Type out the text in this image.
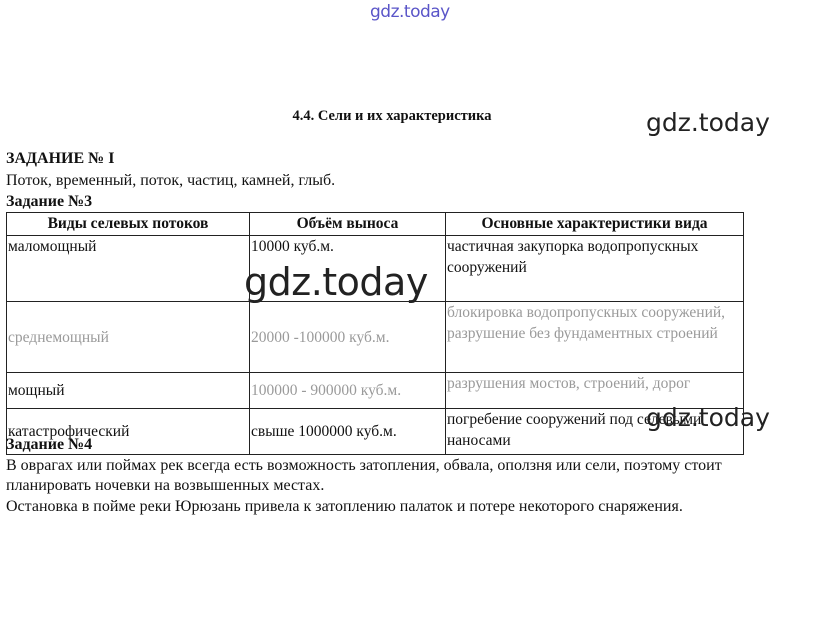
gdz.today
gdz.today
gdz.today
gdz.today
4.4. Сели и их характеристика
ЗАДАНИЕ № I
Поток, временный, поток, частиц, камней, глыб.
Задание №3
Виды селевых потоков	Объём выноса	Основные характеристики вида
маломощный	10000 куб.м.	частичная закупорка водопропускных сооружений
среднемощный	20000 -100000 куб.м.	блокировка водопропускных сооружений, разрушение без фундаментных строений
мощный	100000 - 900000 куб.м.	разрушения мостов, строений, дорог
катастрофический	свыше 1000000 куб.м.	погребение сооружений под селевыми наносами
Задание №4
В оврагах или поймах рек всегда есть возможность затопления, обвала, оползня или сели, поэтому стоит планировать ночевки на возвышенных местах.
Остановка в пойме реки Юрюзань привела к затоплению палаток и потере некоторого снаряжения.
